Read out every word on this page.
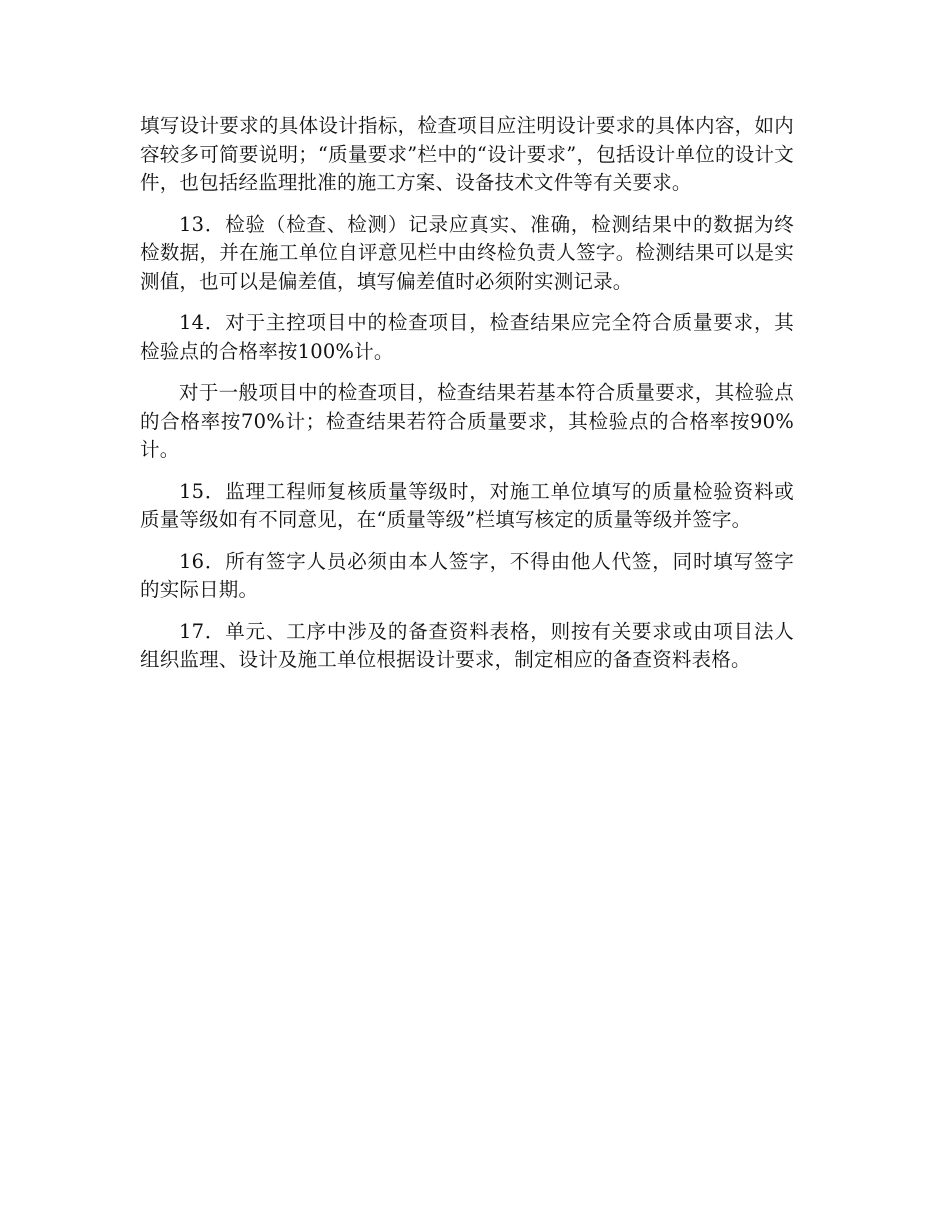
填写设计要求的具体设计指标，检查项目应注明设计要求的具体内容，如内容较多可简要说明；“质量要求”栏中的“设计要求”，包括设计单位的设计文件，也包括经监理批准的施工方案、设备技术文件等有关要求。

13．检验（检查、检测）记录应真实、准确，检测结果中的数据为终检数据，并在施工单位自评意见栏中由终检负责人签字。检测结果可以是实测值，也可以是偏差值，填写偏差值时必须附实测记录。

14．对于主控项目中的检查项目，检查结果应完全符合质量要求，其检验点的合格率按100%计。

对于一般项目中的检查项目，检查结果若基本符合质量要求，其检验点的合格率按70%计；检查结果若符合质量要求，其检验点的合格率按90%计。

15．监理工程师复核质量等级时，对施工单位填写的质量检验资料或质量等级如有不同意见，在“质量等级”栏填写核定的质量等级并签字。

16．所有签字人员必须由本人签字，不得由他人代签，同时填写签字的实际日期。

17．单元、工序中涉及的备查资料表格，则按有关要求或由项目法人组织监理、设计及施工单位根据设计要求，制定相应的备查资料表格。
